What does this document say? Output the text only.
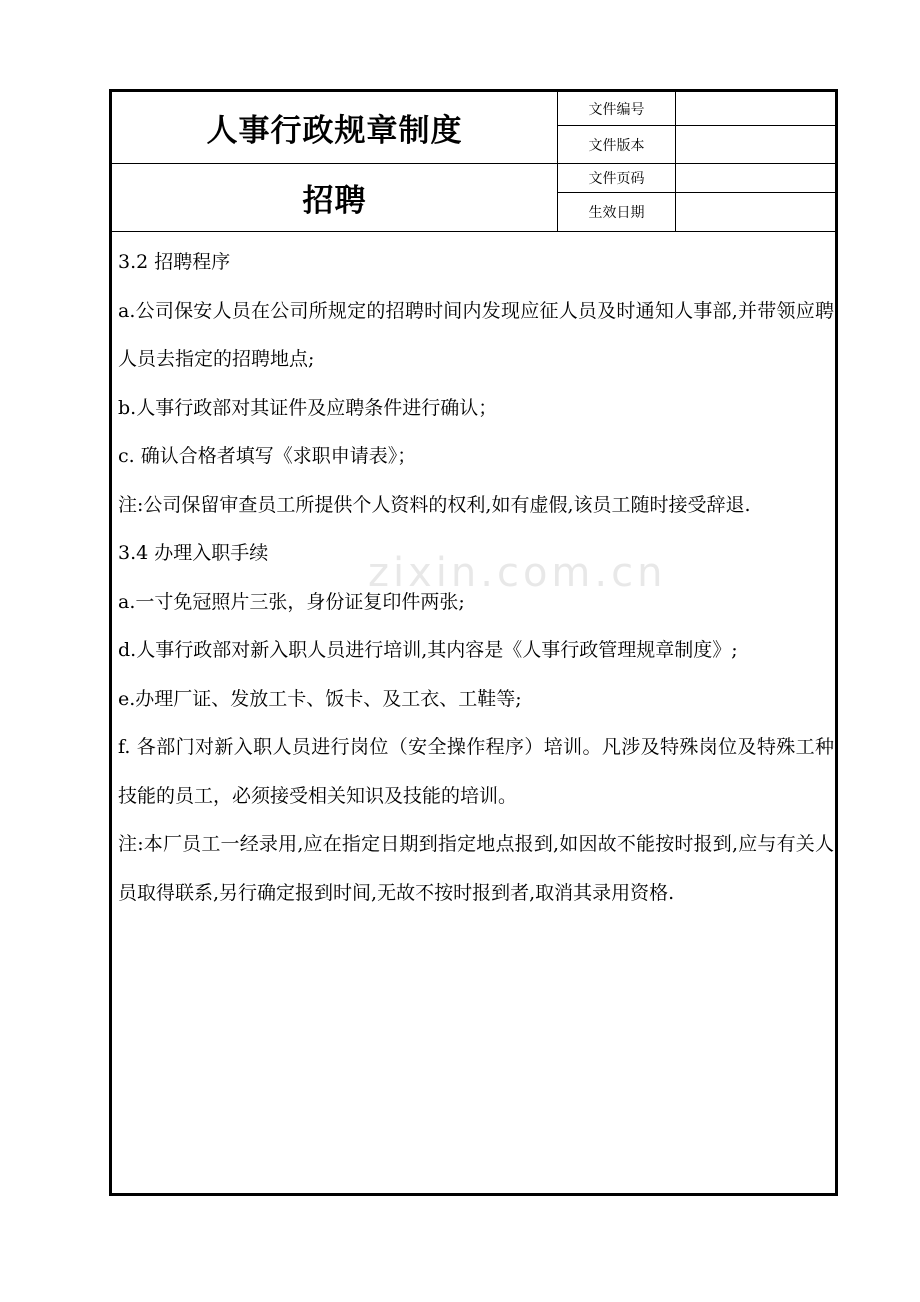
人事行政规章制度
招聘
文件编号
文件版本
文件页码
生效日期

3.2 招聘程序

a.公司保安人员在公司所规定的招聘时间内发现应征人员及时通知人事部,并带领应聘人员去指定的招聘地点;

b.人事行政部对其证件及应聘条件进行确认；

c. 确认合格者填写《求职申请表》；

注:公司保留审查员工所提供个人资料的权利,如有虚假,该员工随时接受辞退.

3.4 办理入职手续

a.一寸免冠照片三张，身份证复印件两张;

d.人事行政部对新入职人员进行培训,其内容是《人事行政管理规章制度》;

e.办理厂证、发放工卡、饭卡、及工衣、工鞋等;

f. 各部门对新入职人员进行岗位（安全操作程序）培训。凡涉及特殊岗位及特殊工种技能的员工，必须接受相关知识及技能的培训。

注:本厂员工一经录用,应在指定日期到指定地点报到,如因故不能按时报到,应与有关人员取得联系,另行确定报到时间,无故不按时报到者,取消其录用资格.

zixin.com.cn
